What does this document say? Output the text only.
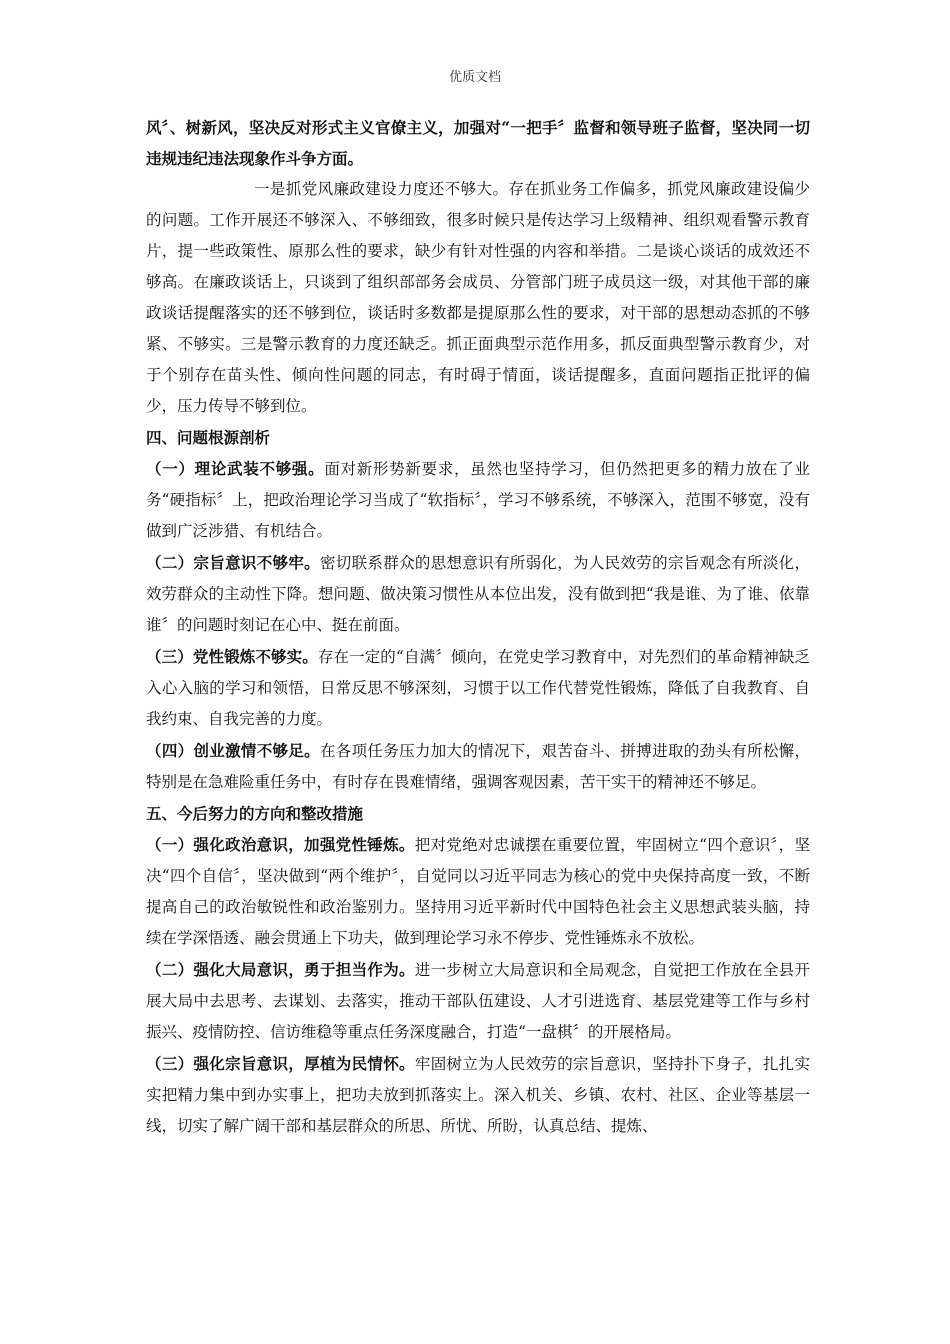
优质文档

风〞、树新风，坚决反对形式主义官僚主义，加强对“一把手〞监督和领导班子监督，坚决同一切违规违纪违法现象作斗争方面。

一是抓党风廉政建设力度还不够大。存在抓业务工作偏多，抓党风廉政建设偏少的问题。工作开展还不够深入、不够细致，很多时候只是传达学习上级精神、组织观看警示教育片，提一些政策性、原那么性的要求，缺少有针对性强的内容和举措。二是谈心谈话的成效还不够高。在廉政谈话上，只谈到了组织部部务会成员、分管部门班子成员这一级，对其他干部的廉政谈话提醒落实的还不够到位，谈话时多数都是提原那么性的要求，对干部的思想动态抓的不够紧、不够实。三是警示教育的力度还缺乏。抓正面典型示范作用多，抓反面典型警示教育少，对于个别存在苗头性、倾向性问题的同志，有时碍于情面，谈话提醒多，直面问题指正批评的偏少，压力传导不够到位。

四、问题根源剖析

（一）理论武装不够强。面对新形势新要求，虽然也坚持学习，但仍然把更多的精力放在了业务“硬指标〞上，把政治理论学习当成了“软指标〞，学习不够系统，不够深入，范围不够宽，没有做到广泛涉猎、有机结合。

（二）宗旨意识不够牢。密切联系群众的思想意识有所弱化，为人民效劳的宗旨观念有所淡化，效劳群众的主动性下降。想问题、做决策习惯性从本位出发，没有做到把“我是谁、为了谁、依靠谁〞的问题时刻记在心中、挺在前面。

（三）党性锻炼不够实。存在一定的“自满〞倾向，在党史学习教育中，对先烈们的革命精神缺乏入心入脑的学习和领悟，日常反思不够深刻，习惯于以工作代替党性锻炼，降低了自我教育、自我约束、自我完善的力度。

（四）创业激情不够足。在各项任务压力加大的情况下，艰苦奋斗、拼搏进取的劲头有所松懈，特别是在急难险重任务中，有时存在畏难情绪，强调客观因素，苦干实干的精神还不够足。

五、今后努力的方向和整改措施

（一）强化政治意识，加强党性锤炼。把对党绝对忠诚摆在重要位置，牢固树立“四个意识〞，坚决“四个自信〞，坚决做到“两个维护〞，自觉同以习近平同志为核心的党中央保持高度一致，不断提高自己的政治敏锐性和政治鉴别力。坚持用习近平新时代中国特色社会主义思想武装头脑，持续在学深悟透、融会贯通上下功夫，做到理论学习永不停步、党性锤炼永不放松。

（二）强化大局意识，勇于担当作为。进一步树立大局意识和全局观念，自觉把工作放在全县开展大局中去思考、去谋划、去落实，推动干部队伍建设、人才引进选育、基层党建等工作与乡村振兴、疫情防控、信访维稳等重点任务深度融合，打造“一盘棋〞的开展格局。

（三）强化宗旨意识，厚植为民情怀。牢固树立为人民效劳的宗旨意识，坚持扑下身子，扎扎实实把精力集中到办实事上，把功夫放到抓落实上。深入机关、乡镇、农村、社区、企业等基层一线，切实了解广阔干部和基层群众的所思、所忧、所盼，认真总结、提炼、
